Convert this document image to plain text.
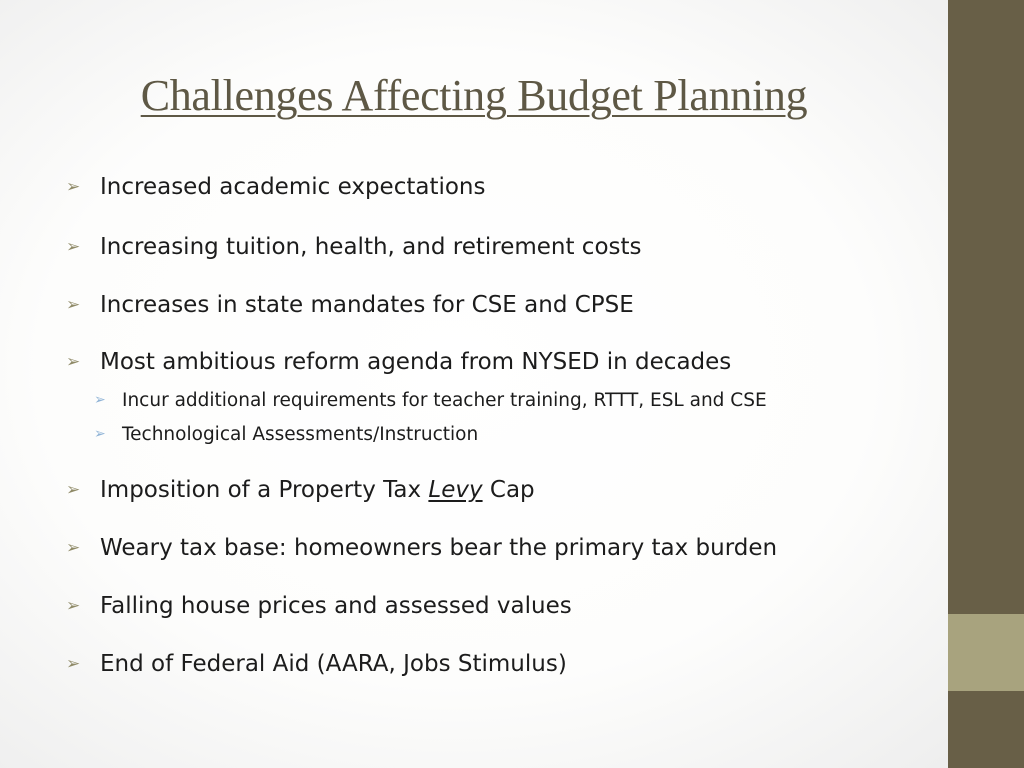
Challenges Affecting Budget Planning
➢ Increased academic expectations
➢ Increasing tuition, health, and retirement costs
➢ Increases in state mandates for CSE and CPSE
➢ Most ambitious reform agenda from NYSED in decades
➢ Incur additional requirements for teacher training, RTTT, ESL and CSE
➢ Technological Assessments/Instruction
➢ Imposition of a Property Tax Levy Cap
➢ Weary tax base: homeowners bear the primary tax burden
➢ Falling house prices and assessed values
➢ End of Federal Aid (AARA, Jobs Stimulus)
